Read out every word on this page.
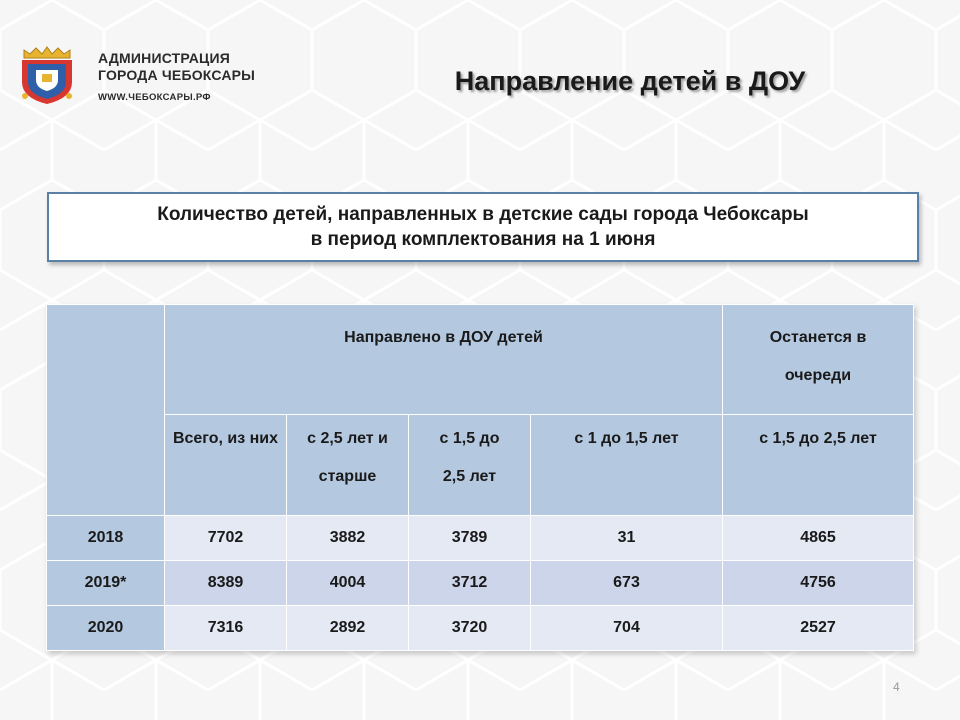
АДМИНИСТРАЦИЯ
ГОРОДА ЧЕБОКСАРЫ
WWW.ЧЕБОКСАРЫ.РФ
Направление детей в ДОУ
Количество детей, направленных в детские сады города Чебоксары
в период комплектования на 1 июня
	Направлено в ДОУ детей				Останется в очереди

	Всего, из них	с 2,5 лет и старше	с 1,5 до 2,5 лет	с 1 до 1,5 лет	с 1,5 до 2,5 лет
2018	7702	3882	3789	31	4865
2019*	8389	4004	3712	673	4756
2020	7316	2892	3720	704	2527
4
